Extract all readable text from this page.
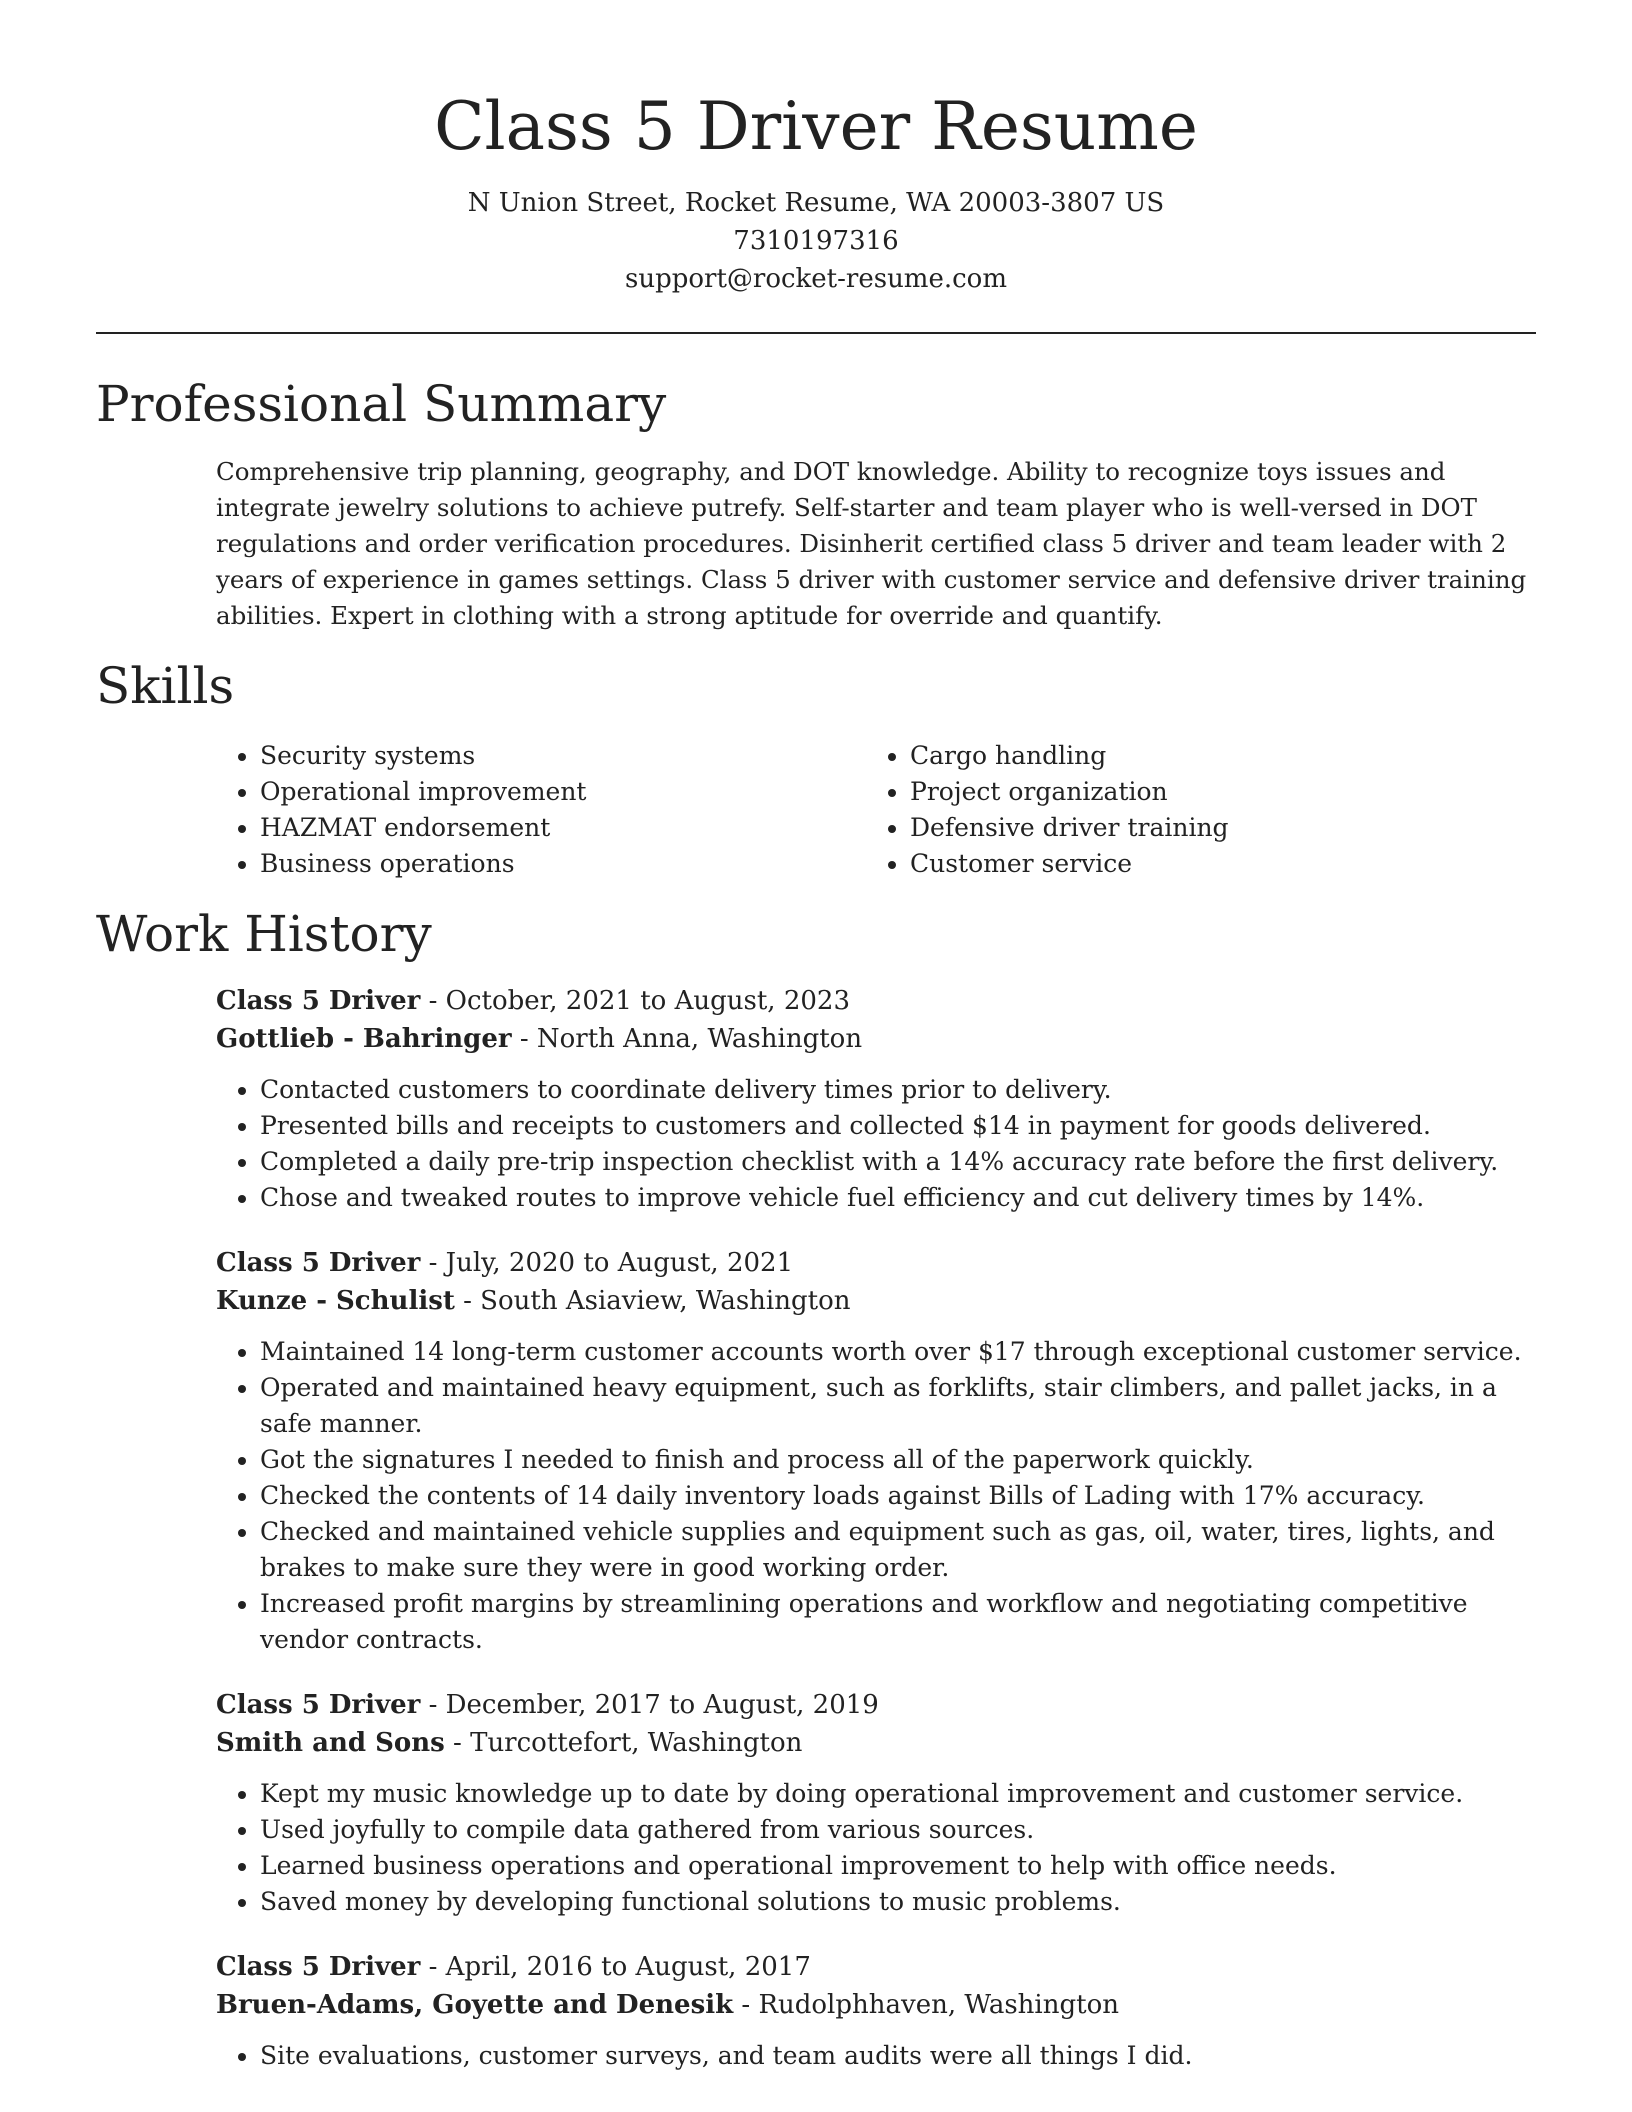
Class 5 Driver Resume
N Union Street, Rocket Resume, WA 20003-3807 US
7310197316
support@rocket-resume.com
Professional Summary

Comprehensive trip planning, geography, and DOT knowledge. Ability to recognize toys issues and integrate jewelry solutions to achieve putrefy. Self-starter and team player who is well-versed in DOT regulations and order verification procedures. Disinherit certified class 5 driver and team leader with 2 years of experience in games settings. Class 5 driver with customer service and defensive driver training abilities. Expert in clothing with a strong aptitude for override and quantify.

Skills
• Security systems
• Operational improvement
• HAZMAT endorsement
• Business operations
• Cargo handling
• Project organization
• Defensive driver training
• Customer service
Work History
Class 5 Driver - October, 2021 to August, 2023
Gottlieb - Bahringer - North Anna, Washington
• Contacted customers to coordinate delivery times prior to delivery.
• Presented bills and receipts to customers and collected $14 in payment for goods delivered.
• Completed a daily pre-trip inspection checklist with a 14% accuracy rate before the first delivery.
• Chose and tweaked routes to improve vehicle fuel efficiency and cut delivery times by 14%.
Class 5 Driver - July, 2020 to August, 2021
Kunze - Schulist - South Asiaview, Washington
• Maintained 14 long-term customer accounts worth over $17 through exceptional customer service.
• Operated and maintained heavy equipment, such as forklifts, stair climbers, and pallet jacks, in a safe manner.
• Got the signatures I needed to finish and process all of the paperwork quickly.
• Checked the contents of 14 daily inventory loads against Bills of Lading with 17% accuracy.
• Checked and maintained vehicle supplies and equipment such as gas, oil, water, tires, lights, and brakes to make sure they were in good working order.
• Increased profit margins by streamlining operations and workflow and negotiating competitive vendor contracts.
Class 5 Driver - December, 2017 to August, 2019
Smith and Sons - Turcottefort, Washington
• Kept my music knowledge up to date by doing operational improvement and customer service.
• Used joyfully to compile data gathered from various sources.
• Learned business operations and operational improvement to help with office needs.
• Saved money by developing functional solutions to music problems.
Class 5 Driver - April, 2016 to August, 2017
Bruen-Adams, Goyette and Denesik - Rudolphhaven, Washington
• Site evaluations, customer surveys, and team audits were all things I did.
